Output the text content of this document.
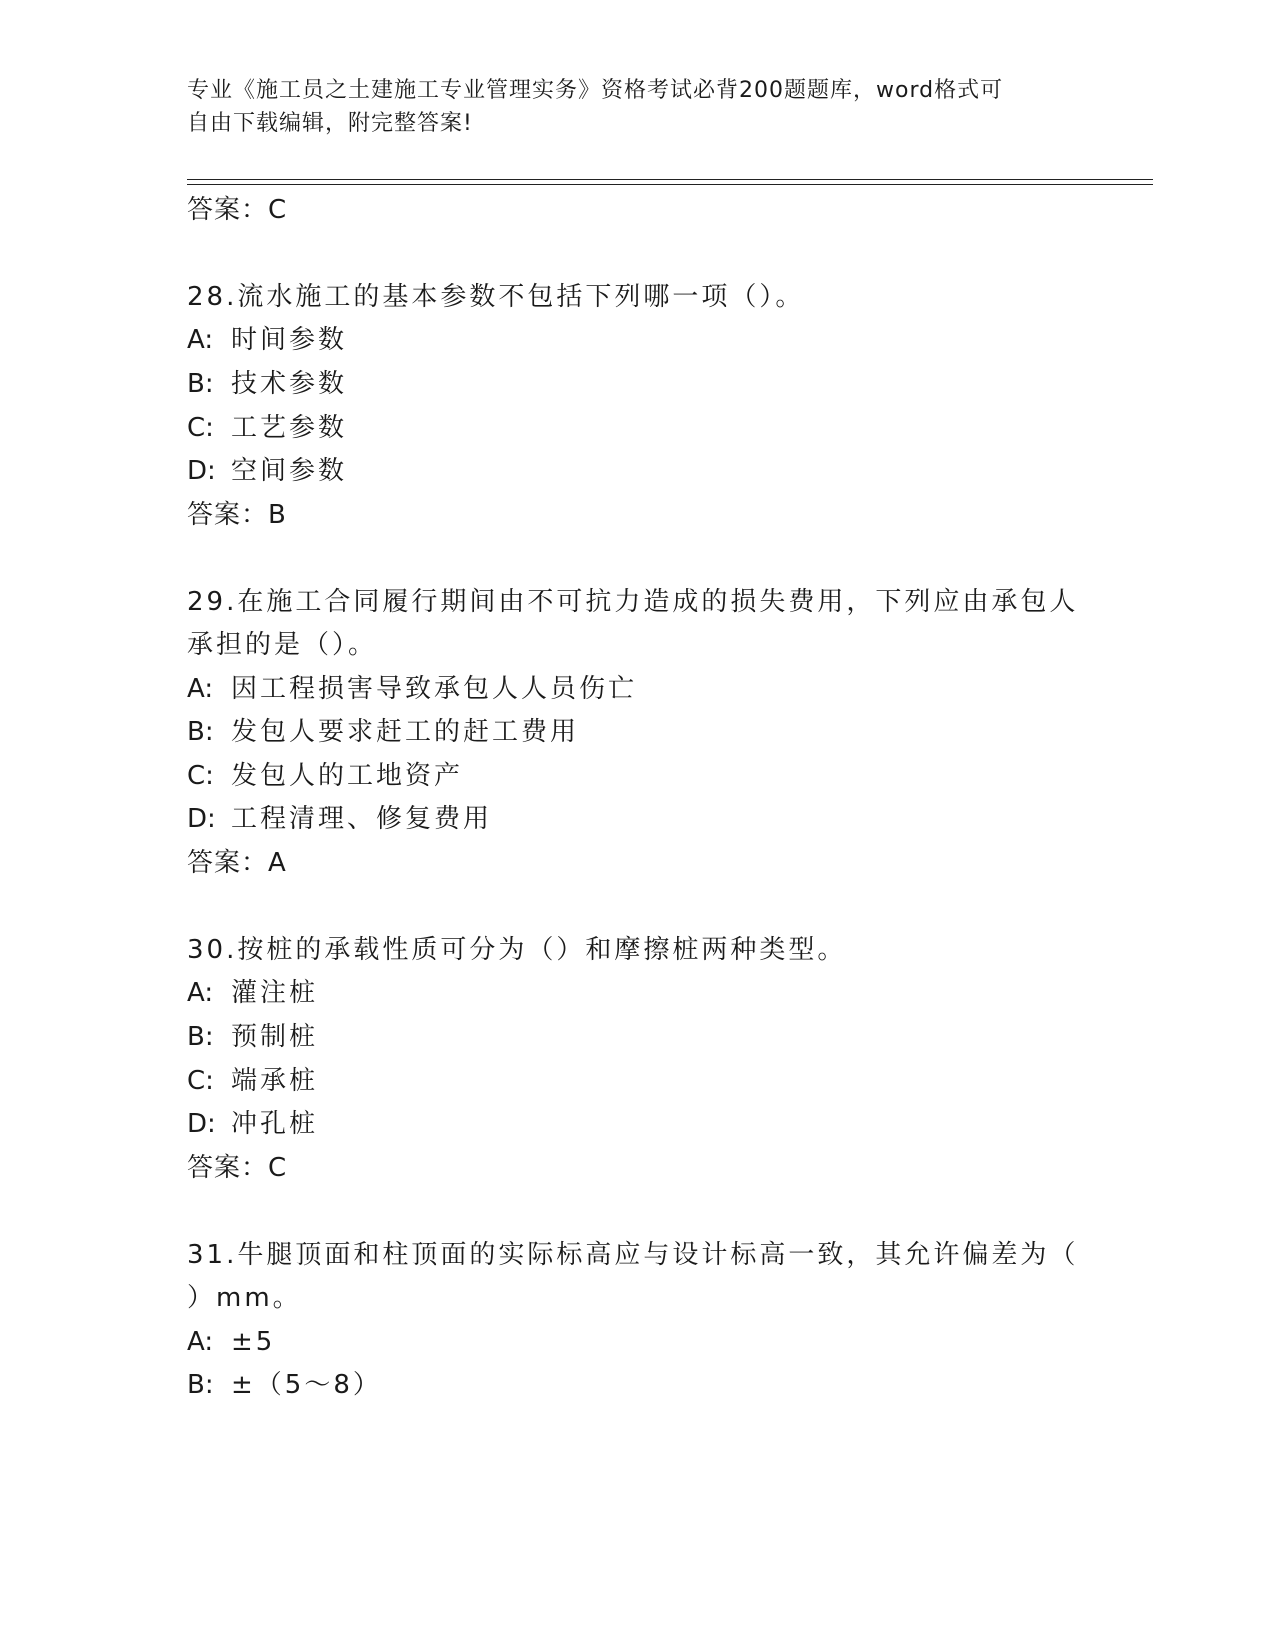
专业《施工员之土建施工专业管理实务》资格考试必背200题题库，word格式可
自由下载编辑，附完整答案!
答案：C
28.流水施工的基本参数不包括下列哪一项（）。
A: 时间参数
B: 技术参数
C: 工艺参数
D: 空间参数
答案：B
29.在施工合同履行期间由不可抗力造成的损失费用，下列应由承包人
承担的是（）。
A: 因工程损害导致承包人人员伤亡
B: 发包人要求赶工的赶工费用
C: 发包人的工地资产
D: 工程清理、修复费用
答案：A
30.按桩的承载性质可分为（）和摩擦桩两种类型。
A: 灌注桩
B: 预制桩
C: 端承桩
D: 冲孔桩
答案：C
31.牛腿顶面和柱顶面的实际标高应与设计标高一致，其允许偏差为（
）mm。
A: ±5
B: ±（5～8）
